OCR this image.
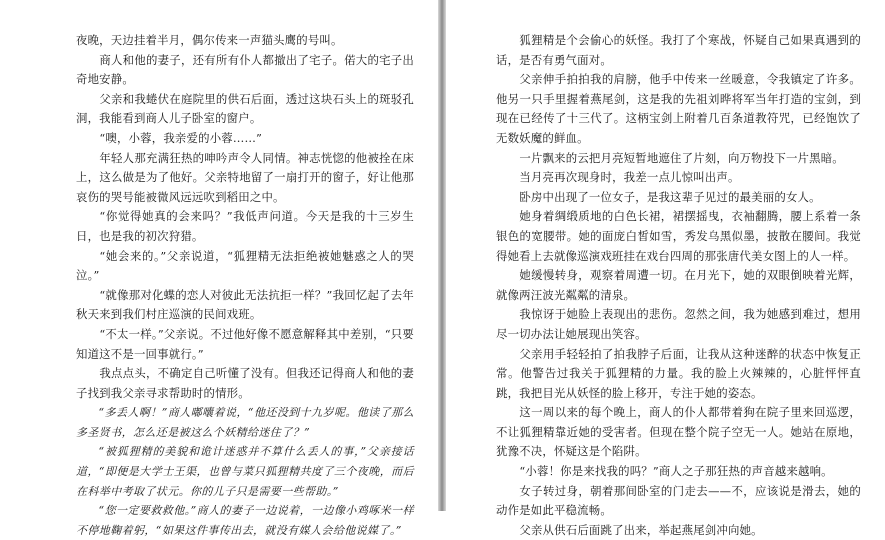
夜晚，天边挂着半月，偶尔传来一声猫头鹰的号叫。

商人和他的妻子，还有所有仆人都撤出了宅子。偌大的宅子出奇地安静。

父亲和我蜷伏在庭院里的供石后面，透过这块石头上的斑驳孔洞，我能看到商人儿子卧室的窗户。

“噢，小蓉，我亲爱的小蓉……”

年轻人那充满狂热的呻吟声令人同情。神志恍惚的他被拴在床上，这么做是为了他好。父亲特地留了一扇打开的窗子，好让他那哀伤的哭号能被微风远远吹到稻田之中。

“你觉得她真的会来吗？”我低声问道。今天是我的十三岁生日，也是我的初次狩猎。

“她会来的。”父亲说道，“狐狸精无法拒绝被她魅惑之人的哭泣。”

“就像那对化蝶的恋人对彼此无法抗拒一样？”我回忆起了去年秋天来到我们村庄巡演的民间戏班。

“不太一样。”父亲说。不过他好像不愿意解释其中差别，“只要知道这不是一回事就行。”

我点点头，不确定自己听懂了没有。但我还记得商人和他的妻子找到我父亲寻求帮助时的情形。

“多丢人啊！”商人嘟囔着说，“他还没到十九岁呢。他读了那么多圣贤书，怎么还是被这么个妖精给迷住了？”

“被狐狸精的美貌和诡计迷惑并不算什么丢人的事，”父亲接话道，“即便是大学士王渠，也曾与菜只狐狸精共度了三个夜晚，而后在科举中考取了状元。你的儿子只是需要一些帮助。”

“您一定要救救他。”商人的妻子一边说着，一边像小鸡啄米一样不停地鞠着躬，“如果这件事传出去，就没有媒人会给他说媒了。”

狐狸精是个会偷心的妖怪。我打了个寒战，怀疑自己如果真遇到的话，是否有勇气面对。

父亲伸手拍拍我的肩膀，他手中传来一丝暖意，令我镇定了许多。他另一只手里握着燕尾剑，这是我的先祖刘晔将军当年打造的宝剑，到现在已经传了十三代了。这柄宝剑上附着几百条道教符咒，已经饱饮了无数妖魔的鲜血。

一片飘来的云把月亮短暂地遮住了片刻，向万物投下一片黑暗。

当月亮再次现身时，我差一点儿惊叫出声。

卧房中出现了一位女子，是我这辈子见过的最美丽的女人。

她身着绸缎质地的白色长裙，裙摆摇曳，衣袖翻腾，腰上系着一条银色的宽腰带。她的面庞白皙如雪，秀发乌黑似墨，披散在腰间。我觉得她看上去就像巡演戏班挂在戏台四周的那张唐代美女图上的人一样。

她缓慢转身，观察着周遭一切。在月光下，她的双眼倒映着光辉，就像两汪波光粼粼的清泉。

我惊讶于她脸上表现出的悲伤。忽然之间，我为她感到难过，想用尽一切办法让她展现出笑容。

父亲用手轻轻拍了拍我脖子后面，让我从这种迷醉的状态中恢复正常。他警告过我关于狐狸精的力量。我的脸上火辣辣的，心脏怦怦直跳，我把目光从妖怪的脸上移开，专注于她的姿态。

这一周以来的每个晚上，商人的仆人都带着狗在院子里来回巡逻，不让狐狸精靠近她的受害者。但现在整个院子空无一人。她站在原地，犹豫不决，怀疑这是个陷阱。

“小蓉！你是来找我的吗？”商人之子那狂热的声音越来越响。

女子转过身，朝着那间卧室的门走去——不，应该说是滑去，她的动作是如此平稳流畅。

父亲从供石后面跳了出来，举起燕尾剑冲向她。
